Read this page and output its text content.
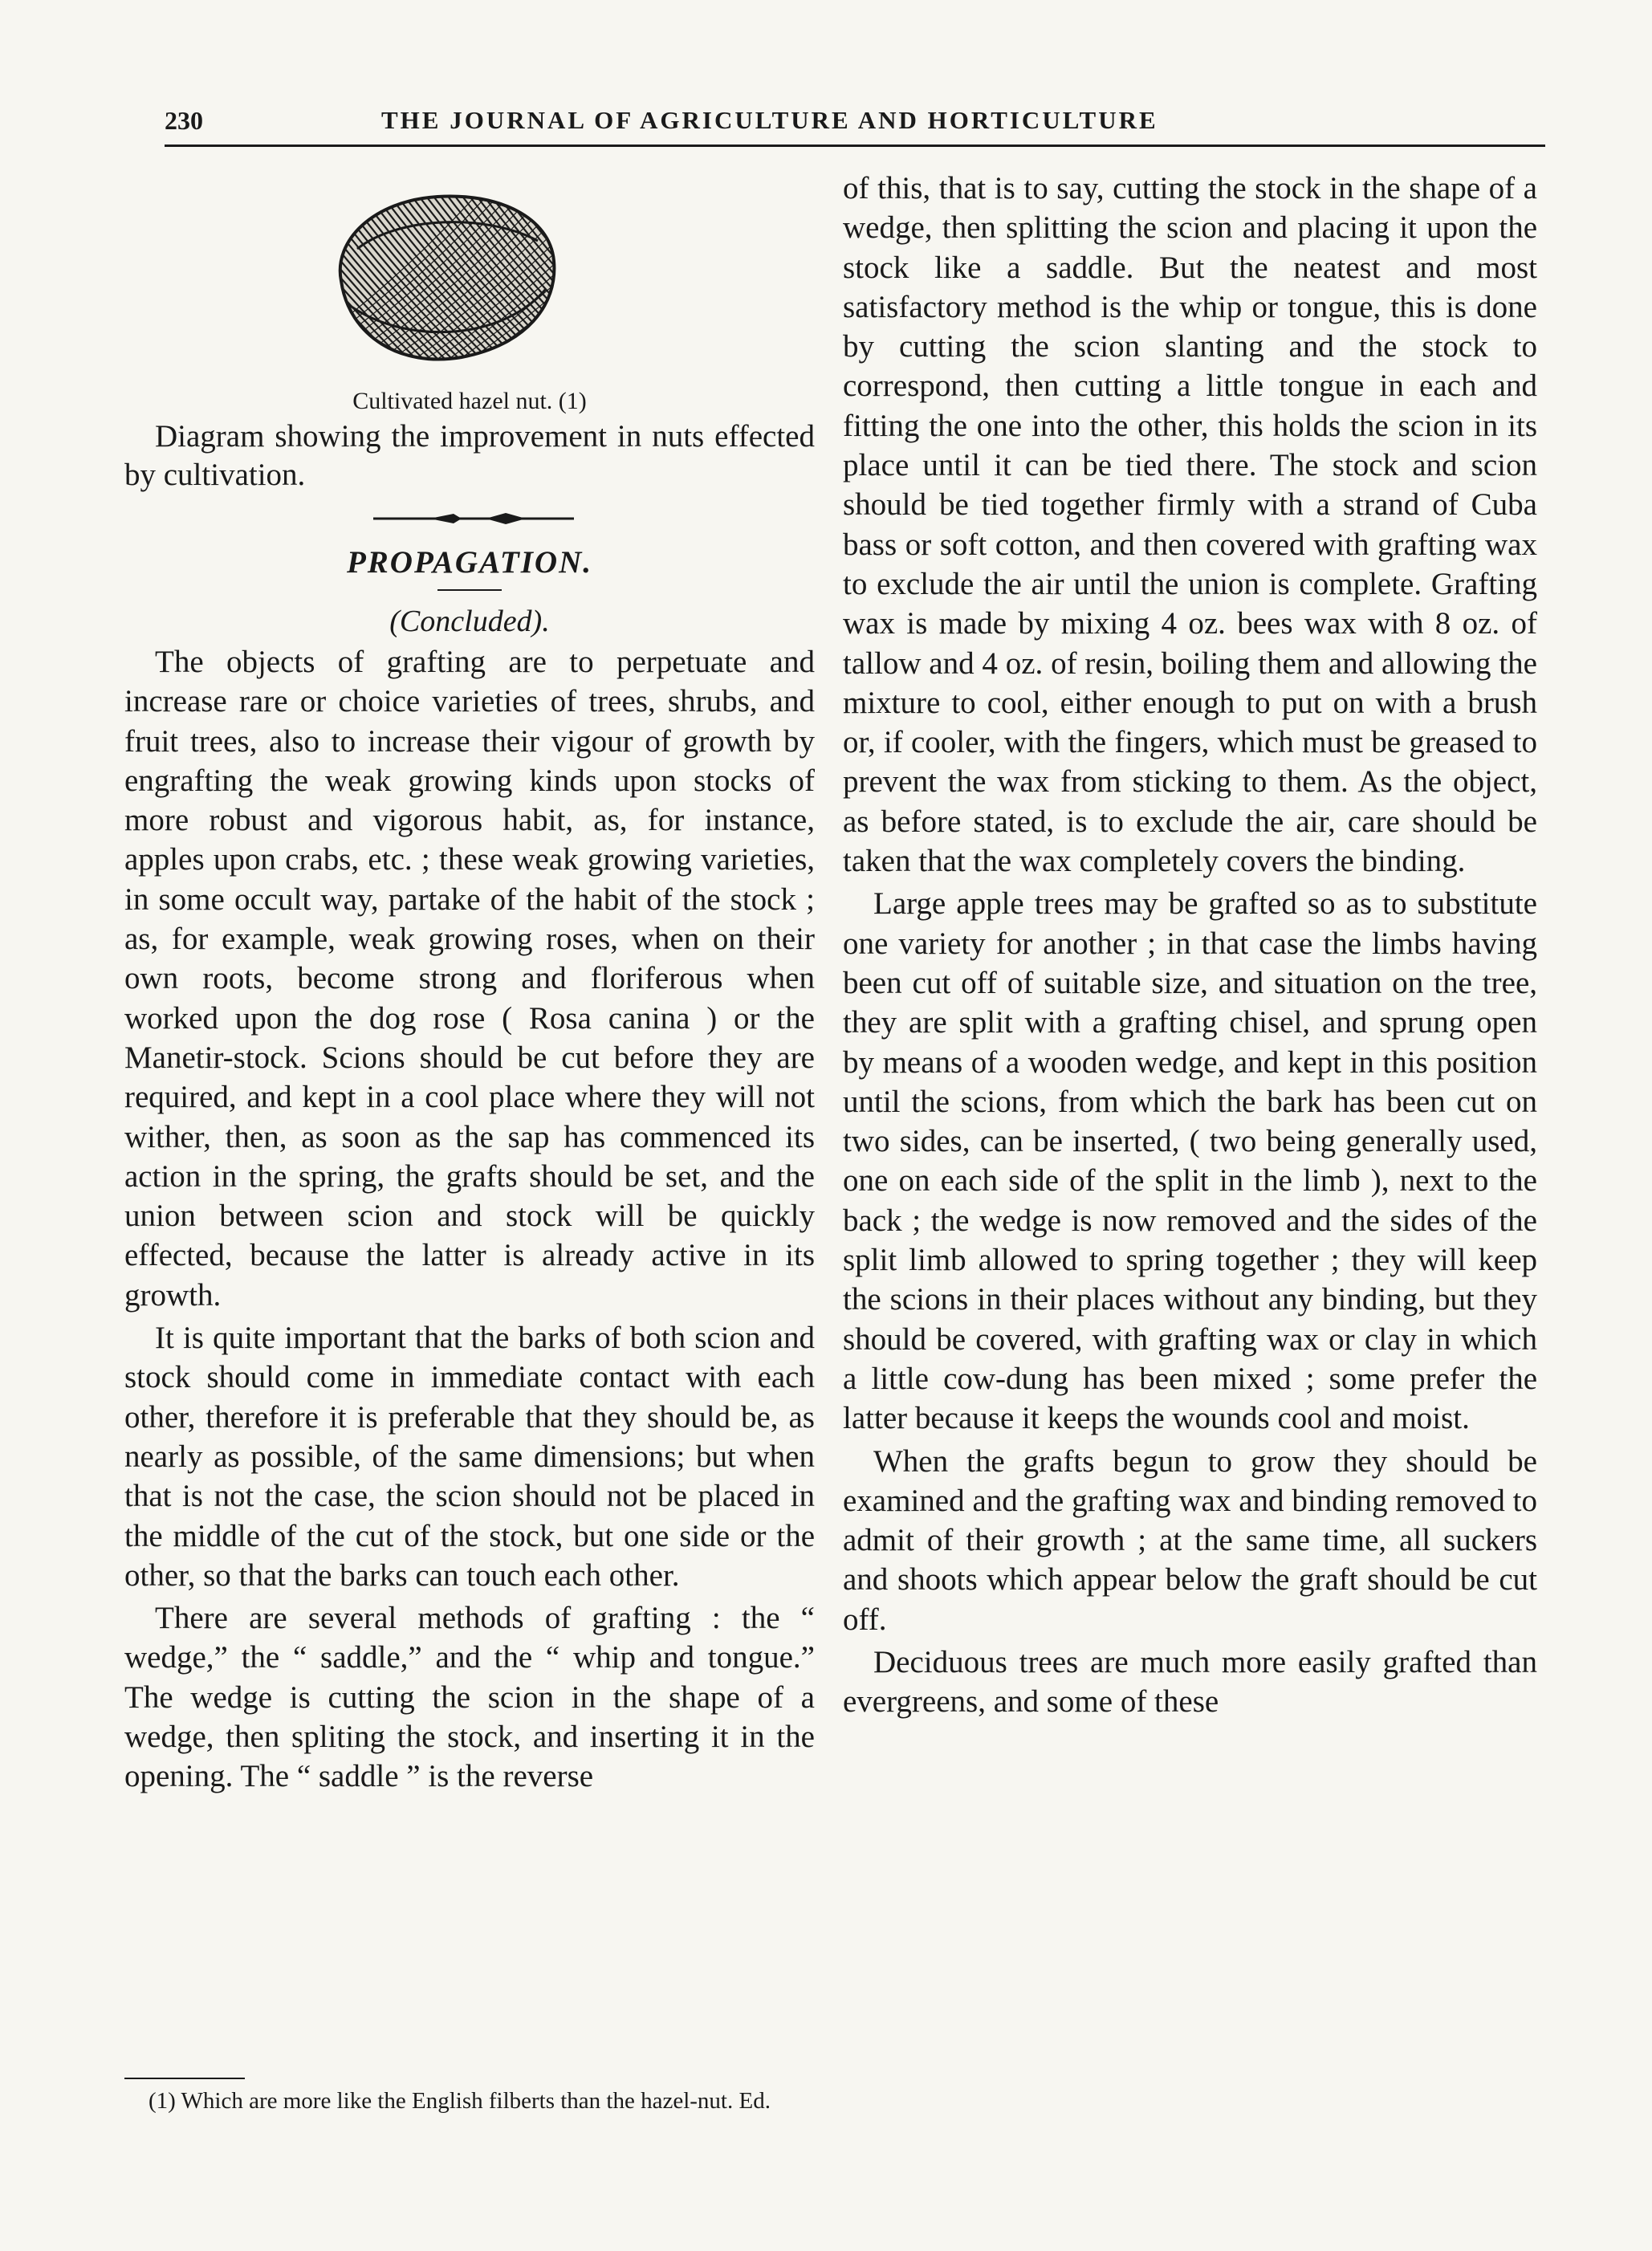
230	THE JOURNAL OF AGRICULTURE AND HORTICULTURE
Cultivated hazel nut. (1)
Diagram showing the improvement in nuts effected by cultivation.
PROPAGATION.
(Concluded).

The objects of grafting are to perpetuate and increase rare or choice varieties of trees, shrubs, and fruit trees, also to increase their vigour of growth by engrafting the weak growing kinds upon stocks of more robust and vigorous habit, as, for instance, apples upon crabs, etc. ; these weak growing varieties, in some occult way, partake of the habit of the stock ; as, for example, weak growing roses, when on their own roots, become strong and floriferous when worked upon the dog rose ( Rosa canina ) or the Manetir-stock. Scions should be cut before they are required, and kept in a cool place where they will not wither, then, as soon as the sap has commenced its action in the spring, the grafts should be set, and the union between scion and stock will be quickly effected, because the latter is already active in its growth.

It is quite important that the barks of both scion and stock should come in immediate contact with each other, therefore it is preferable that they should be, as nearly as possible, of the same dimensions; but when that is not the case, the scion should not be placed in the middle of the cut of the stock, but one side or the other, so that the barks can touch each other.

There are several methods of grafting : the “ wedge,” the “ saddle,” and the “ whip and tongue.” The wedge is cutting the scion in the shape of a wedge, then spliting the stock, and inserting it in the opening. The “ saddle ” is the reverse

of this, that is to say, cutting the stock in the shape of a wedge, then splitting the scion and placing it upon the stock like a saddle. But the neatest and most satisfactory method is the whip or tongue, this is done by cutting the scion slanting and the stock to correspond, then cutting a little tongue in each and fitting the one into the other, this holds the scion in its place until it can be tied there. The stock and scion should be tied together firmly with a strand of Cuba bass or soft cotton, and then covered with grafting wax to exclude the air until the union is complete. Grafting wax is made by mixing 4 oz. bees wax with 8 oz. of tallow and 4 oz. of resin, boiling them and allowing the mixture to cool, either enough to put on with a brush or, if cooler, with the fingers, which must be greased to prevent the wax from sticking to them. As the object, as before stated, is to exclude the air, care should be taken that the wax completely covers the binding.

Large apple trees may be grafted so as to substitute one variety for another ; in that case the limbs having been cut off of suitable size, and situation on the tree, they are split with a grafting chisel, and sprung open by means of a wooden wedge, and kept in this position until the scions, from which the bark has been cut on two sides, can be inserted, ( two being generally used, one on each side of the split in the limb ), next to the back ; the wedge is now removed and the sides of the split limb allowed to spring together ; they will keep the scions in their places without any binding, but they should be covered, with grafting wax or clay in which a little cow-dung has been mixed ; some prefer the latter because it keeps the wounds cool and moist.

When the grafts begun to grow they should be examined and the grafting wax and binding removed to admit of their growth ; at the same time, all suckers and shoots which appear below the graft should be cut off.

Deciduous trees are much more easily grafted than evergreens, and some of these

(1) Which are more like the English filberts than the hazel-nut. Ed.
